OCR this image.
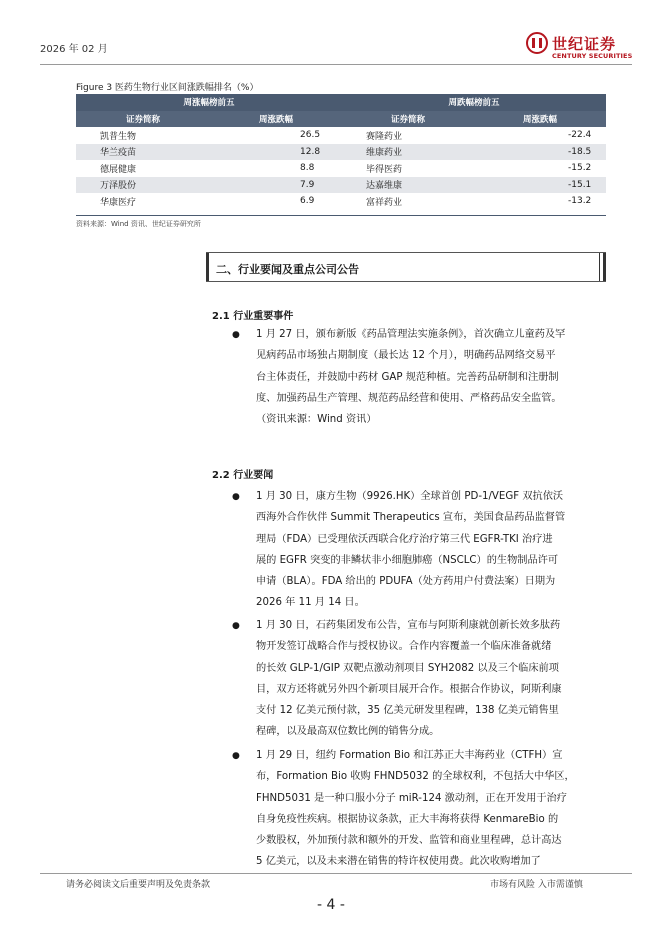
2026 年 02 月	世纪证券
CENTURY SECURITIES
Figure 3 医药生物行业区间涨跌幅排名（%）
周涨幅榜前五		周跌幅榜前五	
证券简称	周涨跌幅	证券简称	周涨跌幅
凯普生物	26.5	赛隆药业	-22.4
华兰疫苗	12.8	维康药业	-18.5
德展健康	8.8	毕得医药	-15.2
万泽股份	7.9	达嘉维康	-15.1
华康医疗	6.9	富祥药业	-13.2
资料来源：Wind 资讯、世纪证券研究所
二、行业要闻及重点公司公告
2.1 行业重要事件
● 1 月 27 日，颁布新版《药品管理法实施条例》，首次确立儿童药及罕
见病药品市场独占期制度（最长达 12 个月），明确药品网络交易平
台主体责任，并鼓励中药材 GAP 规范种植。完善药品研制和注册制
度、加强药品生产管理、规范药品经营和使用、严格药品安全监管。
（资讯来源：Wind 资讯）
2.2 行业要闻
● 1 月 30 日，康方生物（9926.HK）全球首创 PD-1/VEGF 双抗依沃
西海外合作伙伴 Summit Therapeutics 宣布，美国食品药品监督管
理局（FDA）已受理依沃西联合化疗治疗第三代 EGFR-TKI 治疗进
展的 EGFR 突变的非鳞状非小细胞肺癌（NSCLC）的生物制品许可
申请（BLA）。FDA 给出的 PDUFA（处方药用户付费法案）日期为
2026 年 11 月 14 日。
● 1 月 30 日，石药集团发布公告，宣布与阿斯利康就创新长效多肽药
物开发签订战略合作与授权协议。合作内容覆盖一个临床准备就绪
的长效 GLP-1/GIP 双靶点激动剂项目 SYH2082 以及三个临床前项
目，双方还将就另外四个新项目展开合作。根据合作协议，阿斯利康
支付 12 亿美元预付款，35 亿美元研发里程碑，138 亿美元销售里
程碑，以及最高双位数比例的销售分成。
● 1 月 29 日，纽约 Formation Bio 和江苏正大丰海药业（CTFH）宣
布，Formation Bio 收购 FHND5032 的全球权利，不包括大中华区，
FHND5031 是一种口服小分子 miR-124 激动剂，正在开发用于治疗
自身免疫性疾病。根据协议条款，正大丰海将获得 KenmareBio 的
少数股权，外加预付款和额外的开发、监管和商业里程碑，总计高达
5 亿美元，以及未来潜在销售的特许权使用费。此次收购增加了
请务必阅读文后重要声明及免责条款	市场有风险 入市需谨慎
- 4 -
